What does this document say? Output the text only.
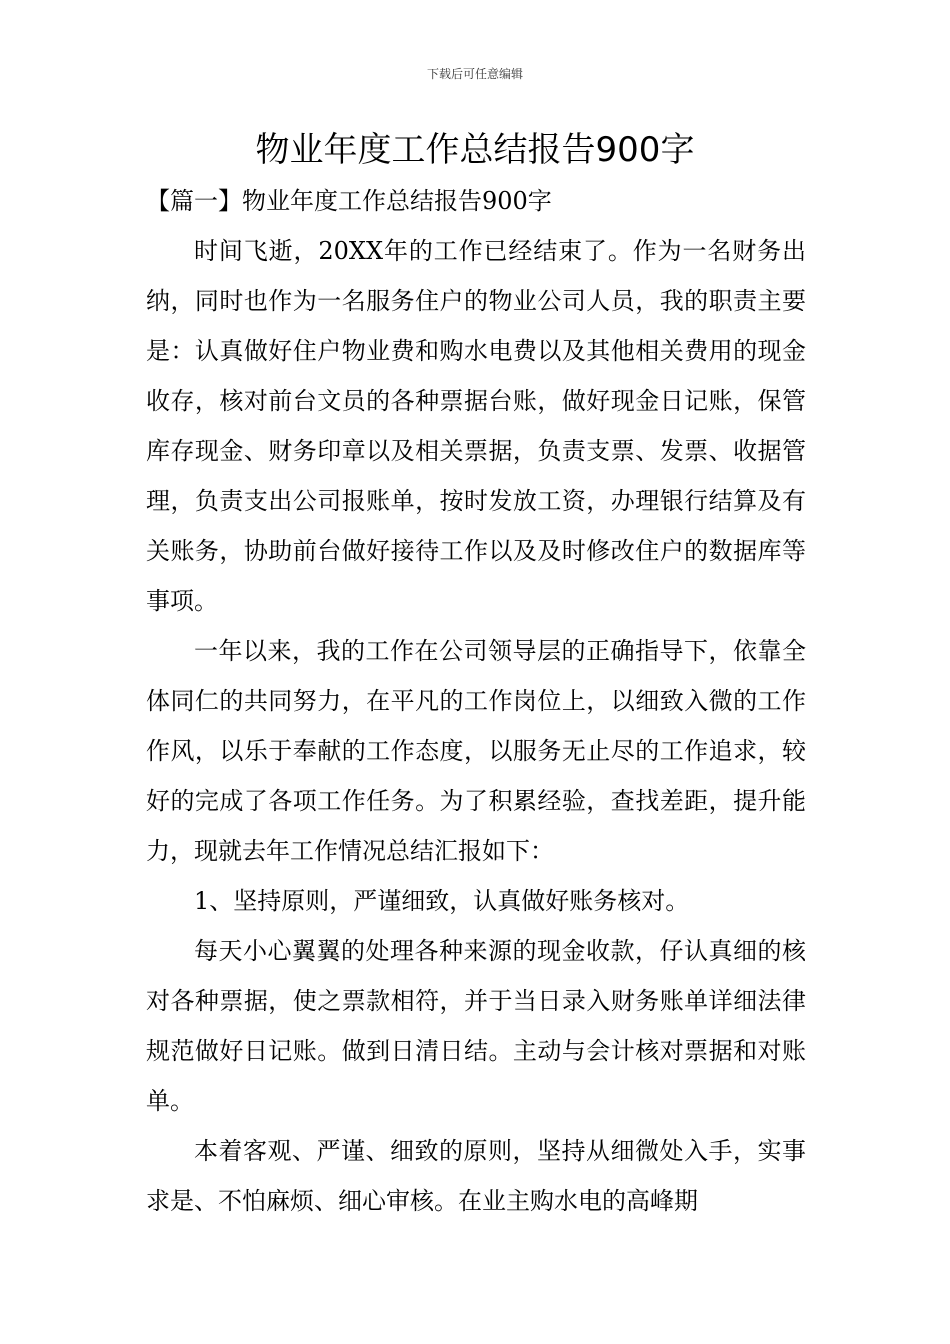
下载后可任意编辑
物业年度工作总结报告900字
【篇一】物业年度工作总结报告900字

时间飞逝，20XX年的工作已经结束了。作为一名财务出纳，同时也作为一名服务住户的物业公司人员，我的职责主要是：认真做好住户物业费和购水电费以及其他相关费用的现金收存，核对前台文员的各种票据台账，做好现金日记账，保管库存现金、财务印章以及相关票据，负责支票、发票、收据管理，负责支出公司报账单，按时发放工资，办理银行结算及有关账务，协助前台做好接待工作以及及时修改住户的数据库等事项。

一年以来，我的工作在公司领导层的正确指导下，依靠全体同仁的共同努力，在平凡的工作岗位上，以细致入微的工作作风，以乐于奉献的工作态度，以服务无止尽的工作追求，较好的完成了各项工作任务。为了积累经验，查找差距，提升能力，现就去年工作情况总结汇报如下：

1、坚持原则，严谨细致，认真做好账务核对。

每天小心翼翼的处理各种来源的现金收款，仔认真细的核对各种票据，使之票款相符，并于当日录入财务账单详细法律规范做好日记账。做到日清日结。主动与会计核对票据和对账单。

本着客观、严谨、细致的原则，坚持从细微处入手，实事求是、不怕麻烦、细心审核。在业主购水电的高峰期
